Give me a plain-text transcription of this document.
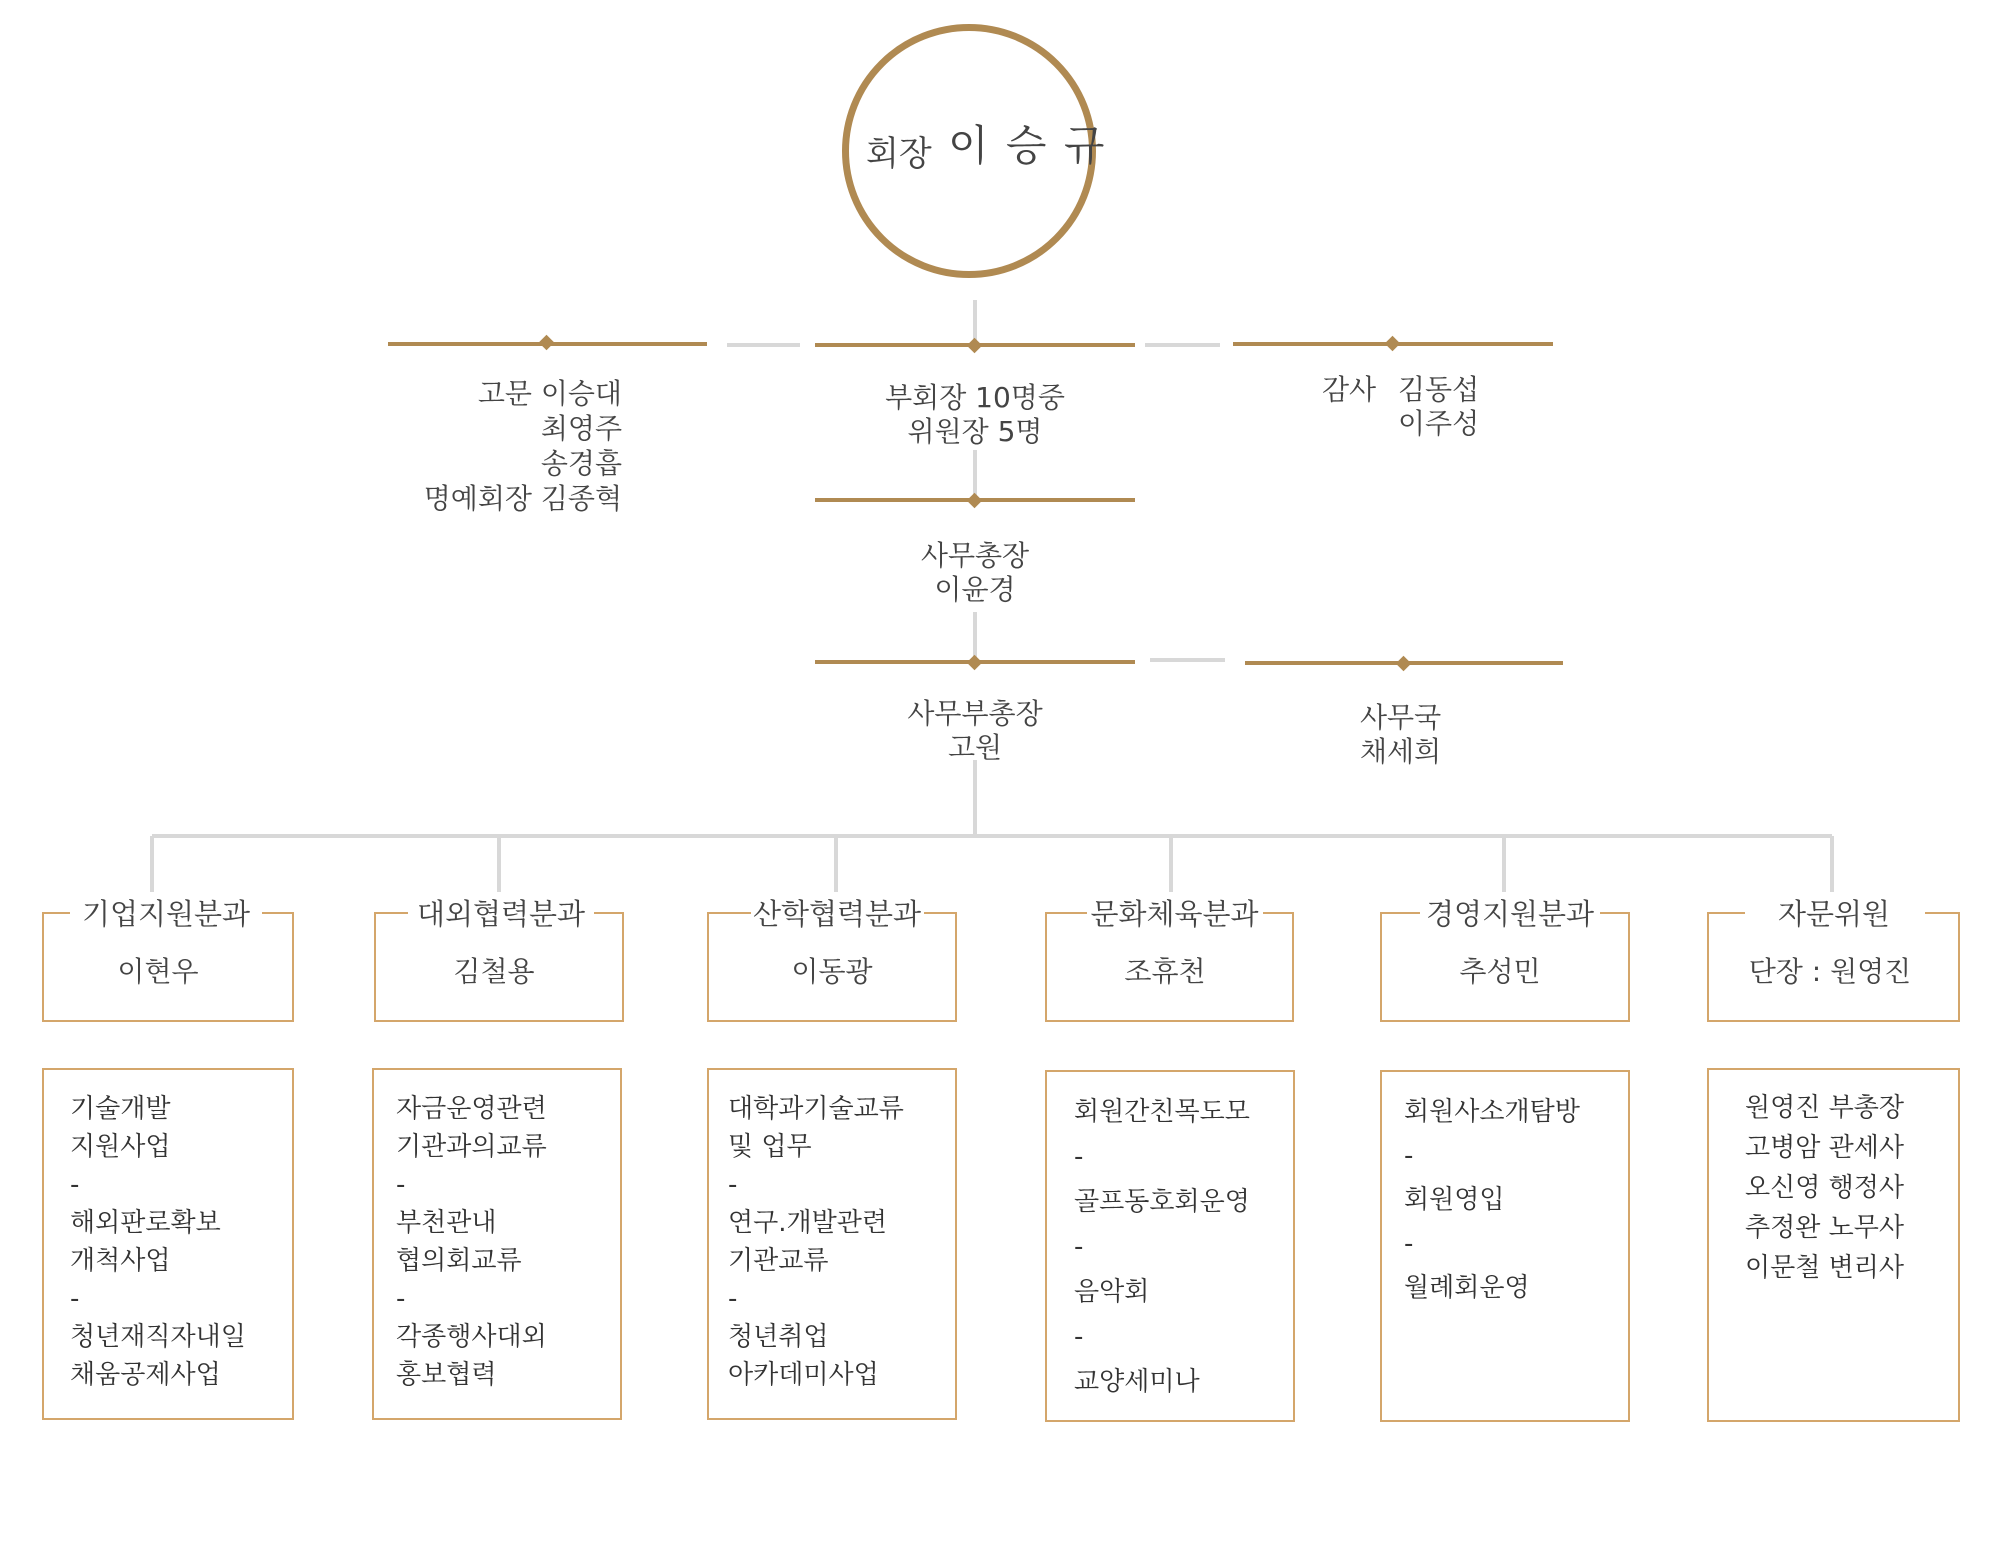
회장 이 승 규
고문 이승대
최영주
송경흡
명예회장 김종혁
부회장 10명중
위원장 5명
감사 김동섭
이주성
사무총장
이윤경
사무부총장
고원
사무국
채세희
기업지원분과
이현우
대외협력분과
김철용
산학협력분과
이동광
문화체육분과
조휴천
경영지원분과
추성민
자문위원
단장 : 원영진
기술개발
지원사업
-
해외판로확보
개척사업
-
청년재직자내일
채움공제사업
자금운영관련
기관과의교류
-
부천관내
협의회교류
-
각종행사대외
홍보협력
대학과기술교류
및 업무
-
연구.개발관련
기관교류
-
청년취업
아카데미사업
회원간친목도모
-
골프동호회운영
-
음악회
-
교양세미나
회원사소개탐방
-
회원영입
-
월례회운영
원영진 부총장
고병암 관세사
오신영 행정사
추정완 노무사
이문철 변리사
